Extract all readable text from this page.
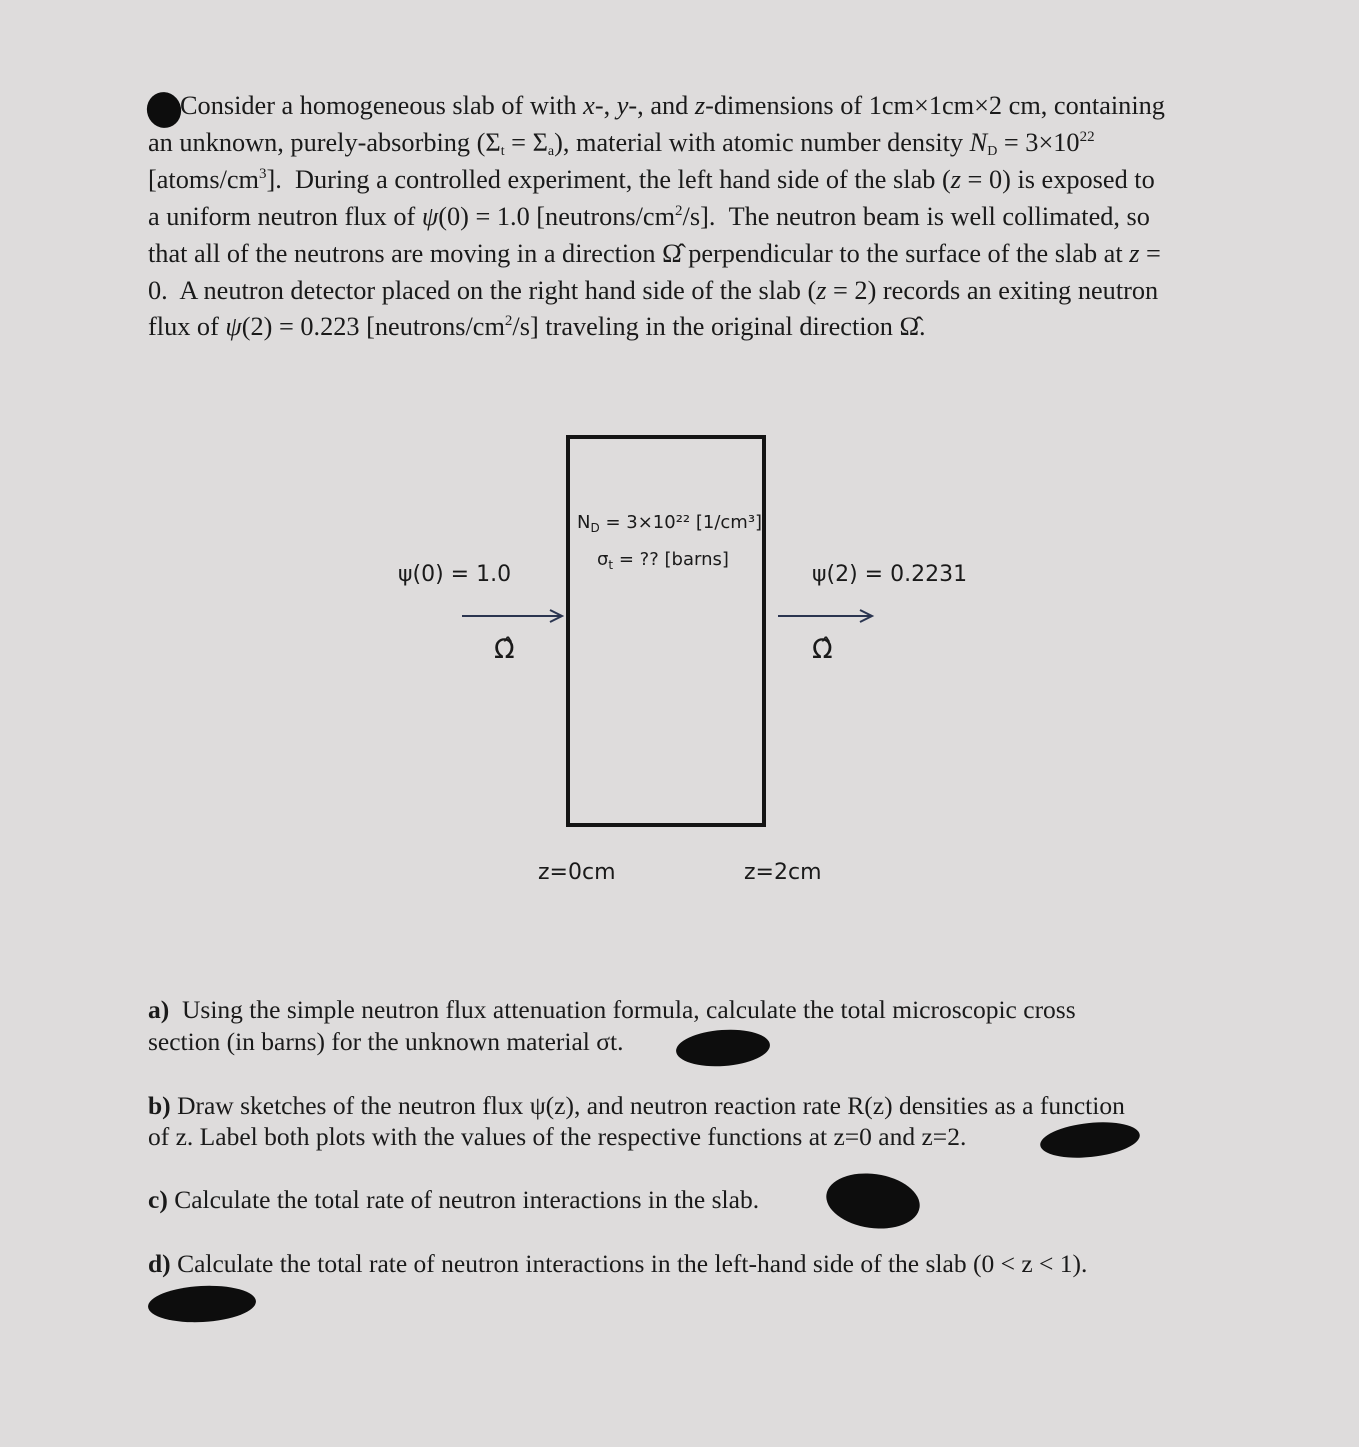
Consider a homogeneous slab of with x-, y-, and z-dimensions of 1cm×1cm×2 cm, containing
an unknown, purely-absorbing $(\Sigma_t = \Sigma_a)$, material with atomic number density $N_D = 3\times 10^{22}$
$[atoms/cm^3]$.  During a controlled experiment, the left hand side of the slab (z = 0) is exposed to
a uniform neutron flux of ψ(0) = 1.0 $[neutrons/cm^2/s]$.  The neutron beam is well collimated, so
that all of the neutrons are moving in a direction Ω̂ perpendicular to the surface of the slab at z =
0.  A neutron detector placed on the right hand side of the slab (z = 2) records an exiting neutron
flux of ψ(2) = 0.223 $[neutrons/cm^2/s]$ traveling in the original direction Ω̂.
$N_D = 3\times 10^{22}$ [1/cm³]
$\sigma_t$ = ?? [barns]
ψ(0) = 1.0	ψ(2) = 0.2231
Ω̂	Ω̂
z=0cm	z=2cm
a) Using the simple neutron flux attenuation formula, calculate the total microscopic cross
section (in barns) for the unknown material σt.
b) Draw sketches of the neutron flux ψ(z), and neutron reaction rate R(z) densities as a function
of z. Label both plots with the values of the respective functions at z=0 and z=2.
c) Calculate the total rate of neutron interactions in the slab.
d) Calculate the total rate of neutron interactions in the left-hand side of the slab (0 < z < 1).
